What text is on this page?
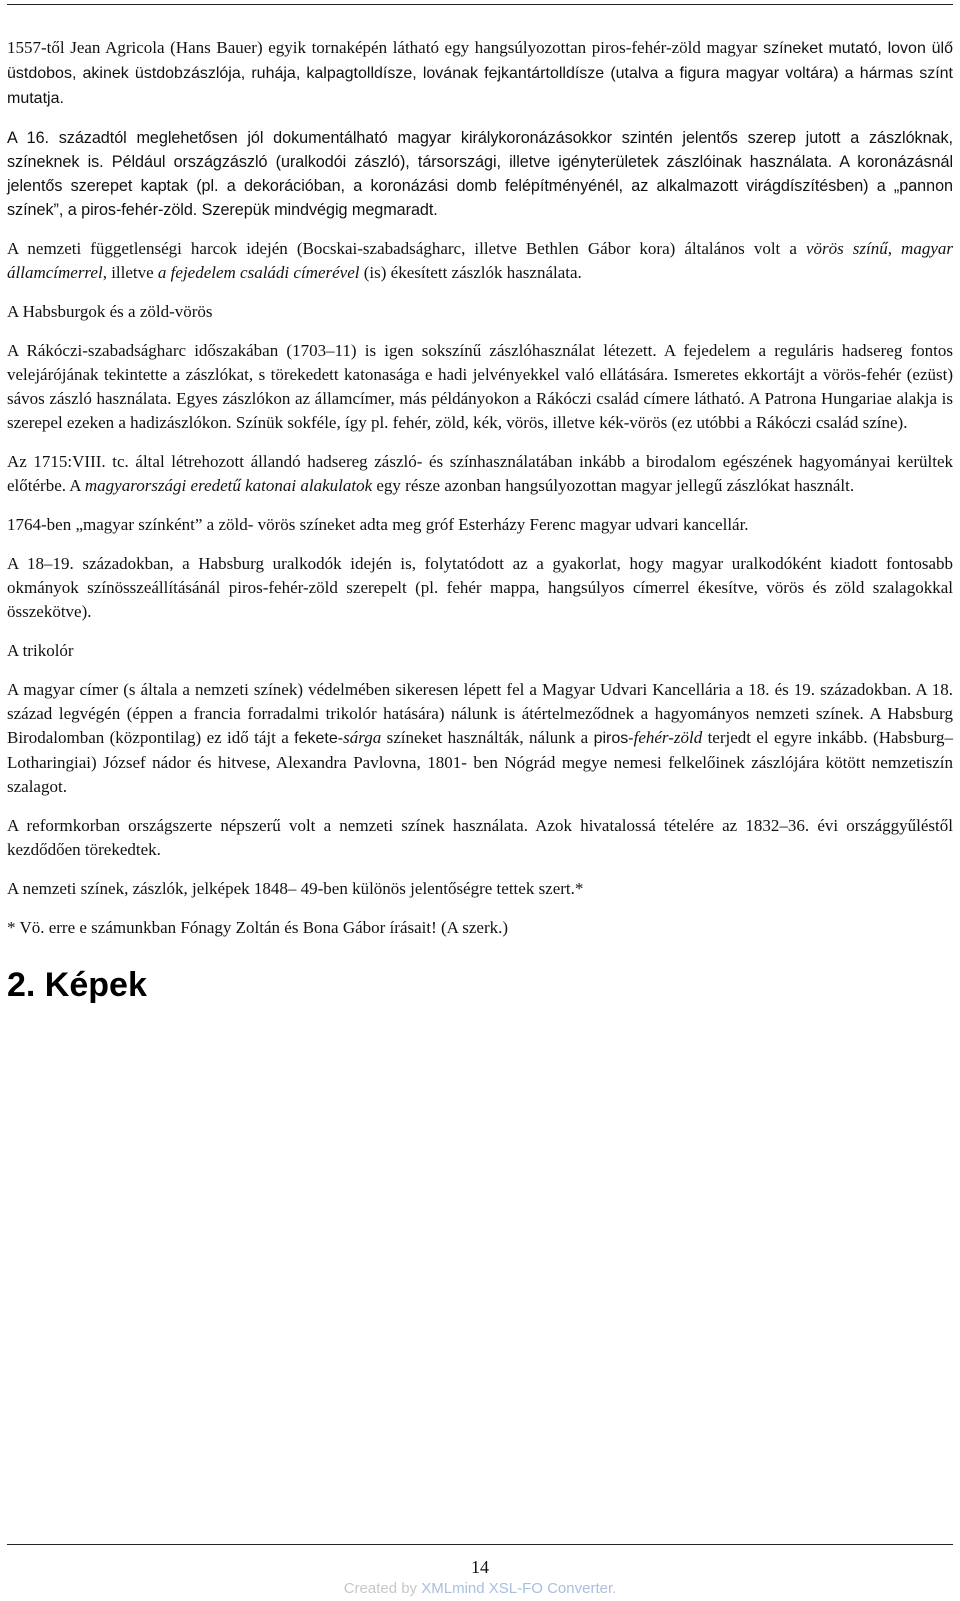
1557-től Jean Agricola (Hans Bauer) egyik tornaképén látható egy hangsúlyozottan piros-fehér-zöld magyar színeket mutató, lovon ülő üstdobos, akinek üstdobzászlója, ruhája, kalpagtolldísze, lovának fejkantártolldísze (utalva a figura magyar voltára) a hármas színt mutatja.

A 16. századtól meglehetősen jól dokumentálható magyar királykoronázásokkor szintén jelentős szerep jutott a zászlóknak, színeknek is. Például országzászló (uralkodói zászló), társországi, illetve igényterületek zászlóinak használata. A koronázásnál jelentős szerepet kaptak (pl. a dekorációban, a koronázási domb felépítményénél, az alkalmazott virágdíszítésben) a „pannon színek”, a piros-fehér-zöld. Szerepük mindvégig megmaradt.

A nemzeti függetlenségi harcok idején (Bocskai-szabadságharc, illetve Bethlen Gábor kora) általános volt a vörös színű, magyar államcímerrel, illetve a fejedelem családi címerével (is) ékesített zászlók használata.

A Habsburgok és a zöld-vörös

A Rákóczi-szabadságharc időszakában (1703–11) is igen sokszínű zászlóhasználat létezett. A fejedelem a reguláris hadsereg fontos velejárójának tekintette a zászlókat, s törekedett katonasága e hadi jelvényekkel való ellátására. Ismeretes ekkortájt a vörös-fehér (ezüst) sávos zászló használata. Egyes zászlókon az államcímer, más példányokon a Rákóczi család címere látható. A Patrona Hungariae alakja is szerepel ezeken a hadizászlókon. Színük sokféle, így pl. fehér, zöld, kék, vörös, illetve kék-vörös (ez utóbbi a Rákóczi család színe).

Az 1715:VIII. tc. által létrehozott állandó hadsereg zászló- és színhasználatában inkább a birodalom egészének hagyományai kerültek előtérbe. A magyarországi eredetű katonai alakulatok egy része azonban hangsúlyozottan magyar jellegű zászlókat használt.

1764-ben „magyar színként” a zöld- vörös színeket adta meg gróf Esterházy Ferenc magyar udvari kancellár.

A 18–19. századokban, a Habsburg uralkodók idején is, folytatódott az a gyakorlat, hogy magyar uralkodóként kiadott fontosabb okmányok színösszeállításánál piros-fehér-zöld szerepelt (pl. fehér mappa, hangsúlyos címerrel ékesítve, vörös és zöld szalagokkal összekötve).

A trikolór

A magyar címer (s általa a nemzeti színek) védelmében sikeresen lépett fel a Magyar Udvari Kancellária a 18. és 19. századokban. A 18. század legvégén (éppen a francia forradalmi trikolór hatására) nálunk is átértelmeződnek a hagyományos nemzeti színek. A Habsburg Birodalomban (központilag) ez idő tájt a fekete-sárga színeket használták, nálunk a piros-fehér-zöld terjedt el egyre inkább. (Habsburg–Lotharingiai) József nádor és hitvese, Alexandra Pavlovna, 1801- ben Nógrád megye nemesi felkelőinek zászlójára kötött nemzetiszín szalagot.

A reformkorban országszerte népszerű volt a nemzeti színek használata. Azok hivatalossá tételére az 1832–36. évi országgyűléstől kezdődően törekedtek.

A nemzeti színek, zászlók, jelképek 1848– 49-ben különös jelentőségre tettek szert.*

* Vö. erre e számunkban Fónagy Zoltán és Bona Gábor írásait! (A szerk.)

2. Képek
14
Created by XMLmind XSL-FO Converter.
